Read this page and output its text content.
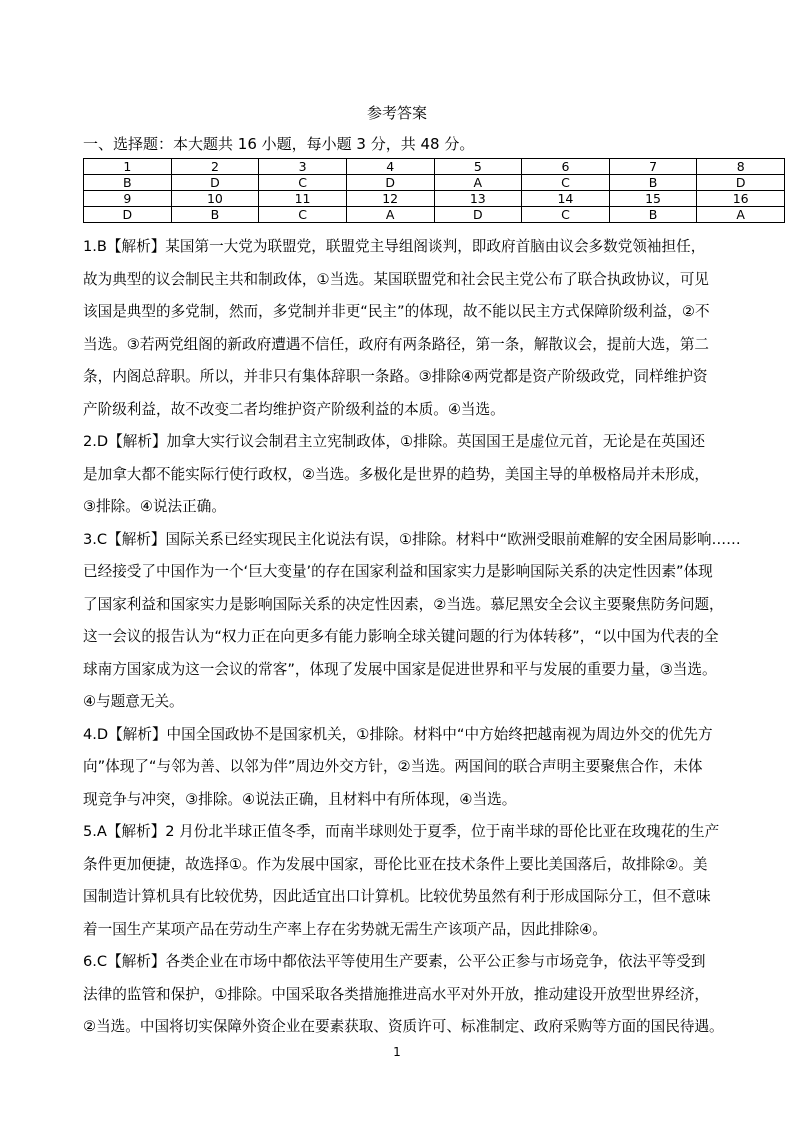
参考答案
一、选择题：本大题共 16 小题，每小题 3 分，共 48 分。
1	2	3	4	5	6	7	8
B	D	C	D	A	C	B	D
9	10	11	12	13	14	15	16
D	B	C	A	D	C	B	A
1.B【解析】某国第一大党为联盟党，联盟党主导组阁谈判，即政府首脑由议会多数党领袖担任，
故为典型的议会制民主共和制政体，①当选。某国联盟党和社会民主党公布了联合执政协议，可见
该国是典型的多党制，然而，多党制并非更“民主”的体现，故不能以民主方式保障阶级利益，②不
当选。③若两党组阁的新政府遭遇不信任，政府有两条路径，第一条，解散议会，提前大选，第二
条，内阁总辞职。所以，并非只有集体辞职一条路。③排除④两党都是资产阶级政党，同样维护资
产阶级利益，故不改变二者均维护资产阶级利益的本质。④当选。
2.D【解析】加拿大实行议会制君主立宪制政体，①排除。英国国王是虚位元首，无论是在英国还
是加拿大都不能实际行使行政权，②当选。多极化是世界的趋势，美国主导的单极格局并未形成，
③排除。④说法正确。
3.C【解析】国际关系已经实现民主化说法有误，①排除。材料中“欧洲受眼前难解的安全困局影响……
已经接受了中国作为一个‘巨大变量’的存在国家利益和国家实力是影响国际关系的决定性因素”体现
了国家利益和国家实力是影响国际关系的决定性因素，②当选。慕尼黑安全会议主要聚焦防务问题，
这一会议的报告认为“权力正在向更多有能力影响全球关键问题的行为体转移”，“以中国为代表的全
球南方国家成为这一会议的常客”，体现了发展中国家是促进世界和平与发展的重要力量，③当选。
④与题意无关。
4.D【解析】中国全国政协不是国家机关，①排除。材料中“中方始终把越南视为周边外交的优先方
向”体现了“与邻为善、以邻为伴”周边外交方针，②当选。两国间的联合声明主要聚焦合作，未体
现竞争与冲突，③排除。④说法正确，且材料中有所体现，④当选。
5.A【解析】2 月份北半球正值冬季，而南半球则处于夏季，位于南半球的哥伦比亚在玫瑰花的生产
条件更加便捷，故选择①。作为发展中国家，哥伦比亚在技术条件上要比美国落后，故排除②。美
国制造计算机具有比较优势，因此适宜出口计算机。比较优势虽然有利于形成国际分工，但不意味
着一国生产某项产品在劳动生产率上存在劣势就无需生产该项产品，因此排除④。
6.C【解析】各类企业在市场中都依法平等使用生产要素，公平公正参与市场竞争，依法平等受到
法律的监管和保护，①排除。中国采取各类措施推进高水平对外开放，推动建设开放型世界经济，
②当选。中国将切实保障外资企业在要素获取、资质许可、标准制定、政府采购等方面的国民待遇。
1
